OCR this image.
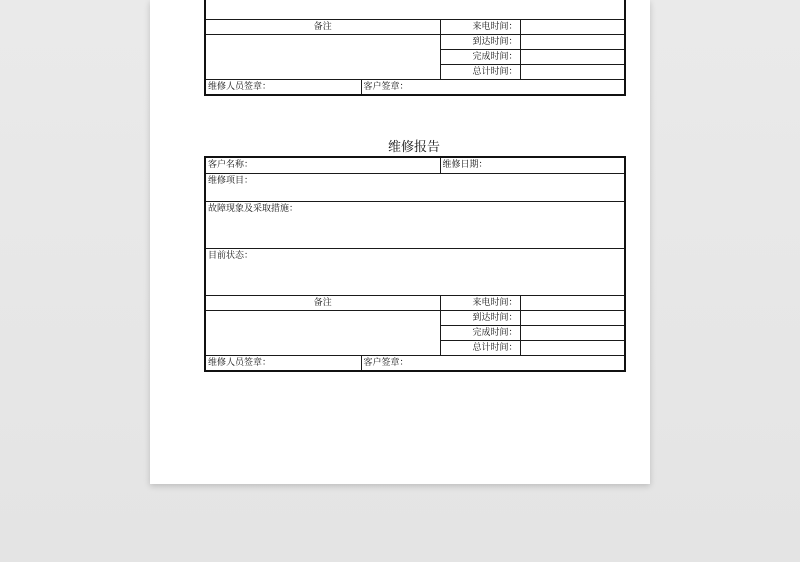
备注		来电时间：	
		到达时间：	
		完成时间：	
		总计时间：	
维修人员签章：	客户签章：		
维修报告
客户名称：		维修日期：	
维修项目：			
故障现象及采取措施：			
目前状态：			
备注		来电时间：	
		到达时间：	
		完成时间：	
		总计时间：	
维修人员签章：	客户签章：		
